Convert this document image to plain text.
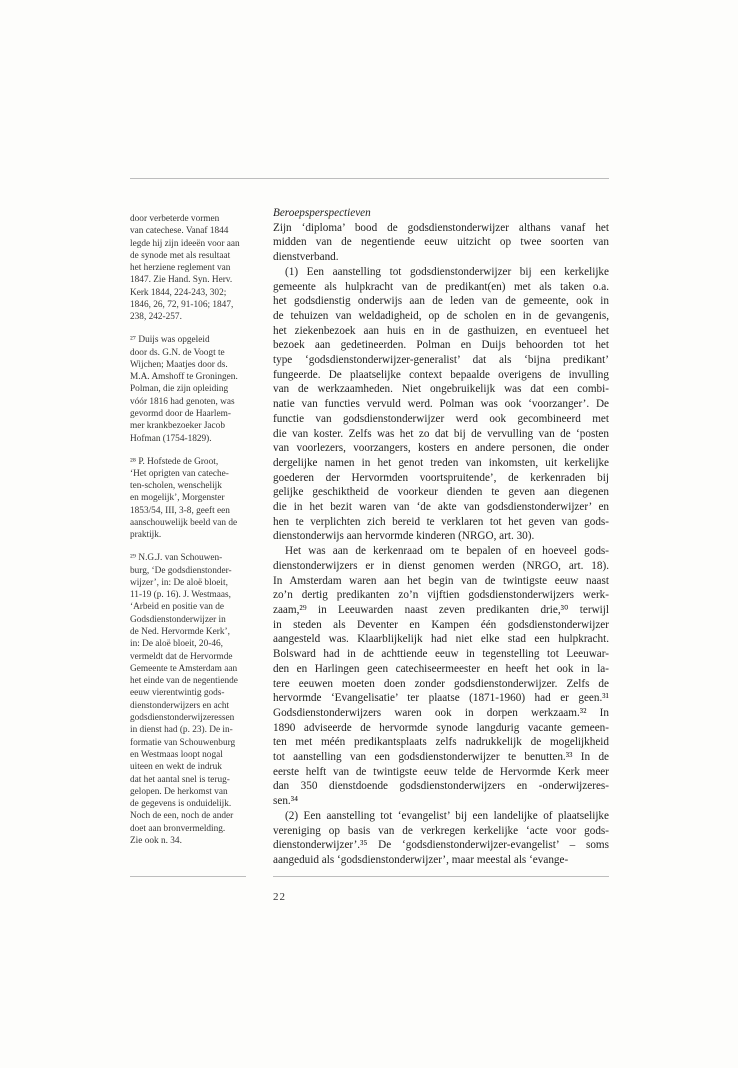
door verbeterde vormen
van catechese. Vanaf 1844
legde hij zijn ideeën voor aan
de synode met als resultaat
het herziene reglement van
1847. Zie Hand. Syn. Herv.
Kerk 1844, 224-243, 302;
1846, 26, 72, 91-106; 1847,
238, 242-257.

²⁷ Duijs was opgeleid
door ds. G.N. de Voogt te
Wijchen; Maatjes door ds.
M.A. Amshoff te Groningen.
Polman, die zijn opleiding
vóór 1816 had genoten, was
gevormd door de Haarlem-
mer krankbezoeker Jacob
Hofman (1754-1829).

²⁸ P. Hofstede de Groot,
‘Het oprigten van cateche-
ten-scholen, wenschelijk
en mogelijk’, Morgenster
1853/54, III, 3-8, geeft een
aanschouwelijk beeld van de
praktijk.

²⁹ N.G.J. van Schouwen-
burg, ‘De godsdienstonder-
wijzer’, in: De aloë bloeit,
11-19 (p. 16). J. Westmaas,
‘Arbeid en positie van de
Godsdienstonderwijzer in
de Ned. Hervormde Kerk’,
in: De aloë bloeit, 20-46,
vermeldt dat de Hervormde
Gemeente te Amsterdam aan
het einde van de negentiende
eeuw vierentwintig gods-
dienstonderwijzers en acht
godsdienstonderwijzeressen
in dienst had (p. 23). De in-
formatie van Schouwenburg
en Westmaas loopt nogal
uiteen en wekt de indruk
dat het aantal snel is terug-
gelopen. De herkomst van
de gegevens is onduidelijk.
Noch de een, noch de ander
doet aan bronvermelding.
Zie ook n. 34.

Beroepsperspectieven

Zijn ‘diploma’ bood de godsdienstonderwijzer althans vanaf het
midden van de negentiende eeuw uitzicht op twee soorten van
dienstverband.
(1) Een aanstelling tot godsdienstonderwijzer bij een kerkelijke
gemeente als hulpkracht van de predikant(en) met als taken o.a.
het godsdienstig onderwijs aan de leden van de gemeente, ook in
de tehuizen van weldadigheid, op de scholen en in de gevangenis,
het ziekenbezoek aan huis en in de gasthuizen, en eventueel het
bezoek aan gedetineerden. Polman en Duijs behoorden tot het
type ‘godsdienstonderwijzer-generalist’ dat als ‘bijna predikant’
fungeerde. De plaatselijke context bepaalde overigens de invulling
van de werkzaamheden. Niet ongebruikelijk was dat een combi-
natie van functies vervuld werd. Polman was ook ‘voorzanger’. De
functie van godsdienstonderwijzer werd ook gecombineerd met
die van koster. Zelfs was het zo dat bij de vervulling van de ‘posten
van voorlezers, voorzangers, kosters en andere personen, die onder
dergelijke namen in het genot treden van inkomsten, uit kerkelijke
goederen der Hervormden voortspruitende’, de kerkenraden bij
gelijke geschiktheid de voorkeur dienden te geven aan diegenen
die in het bezit waren van ‘de akte van godsdienstonderwijzer’ en
hen te verplichten zich bereid te verklaren tot het geven van gods-
dienstonderwijs aan hervormde kinderen (NRGO, art. 30).
Het was aan de kerkenraad om te bepalen of en hoeveel gods-
dienstonderwijzers er in dienst genomen werden (NRGO, art. 18).
In Amsterdam waren aan het begin van de twintigste eeuw naast
zo’n dertig predikanten zo’n vijftien godsdienstonderwijzers werk-
zaam,²⁹ in Leeuwarden naast zeven predikanten drie,³⁰ terwijl
in steden als Deventer en Kampen één godsdienstonderwijzer
aangesteld was. Klaarblijkelijk had niet elke stad een hulpkracht.
Bolsward had in de achttiende eeuw in tegenstelling tot Leeuwar-
den en Harlingen geen catechiseermeester en heeft het ook in la-
tere eeuwen moeten doen zonder godsdienstonderwijzer. Zelfs de
hervormde ‘Evangelisatie’ ter plaatse (1871-1960) had er geen.³¹
Godsdienstonderwijzers waren ook in dorpen werkzaam.³² In
1890 adviseerde de hervormde synode langdurig vacante gemeen-
ten met méén predikantsplaats zelfs nadrukkelijk de mogelijkheid
tot aanstelling van een godsdienstonderwijzer te benutten.³³ In de
eerste helft van de twintigste eeuw telde de Hervormde Kerk meer
dan 350 dienstdoende godsdienstonderwijzers en -onderwijzeres-
sen.³⁴
(2) Een aanstelling tot ‘evangelist’ bij een landelijke of plaatselijke
vereniging op basis van de verkregen kerkelijke ‘acte voor gods-
dienstonderwijzer’.³⁵ De ‘godsdienstonderwijzer-evangelist’ – soms
aangeduid als ‘godsdienstonderwijzer’, maar meestal als ‘evange-
22
